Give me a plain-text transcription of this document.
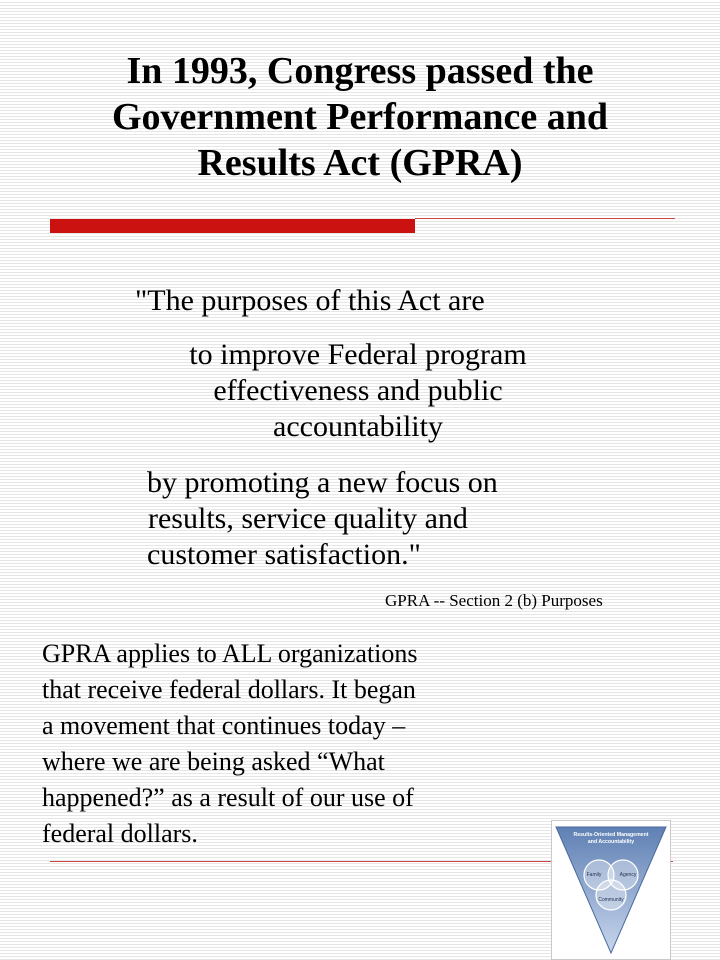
In 1993, Congress passed the
Government Performance and
Results Act (GPRA)
"The purposes of this Act are
to improve Federal program
effectiveness and public
accountability
by promoting a new focus on
results, service quality and
customer satisfaction."
GPRA -- Section 2 (b) Purposes
GPRA applies to ALL organizations
that receive federal dollars. It began
a movement that continues today –
where we are being asked “What
happened?” as a result of our use of
federal dollars.	Results-Oriented Management
and Accountability
Family	Agency
Community
